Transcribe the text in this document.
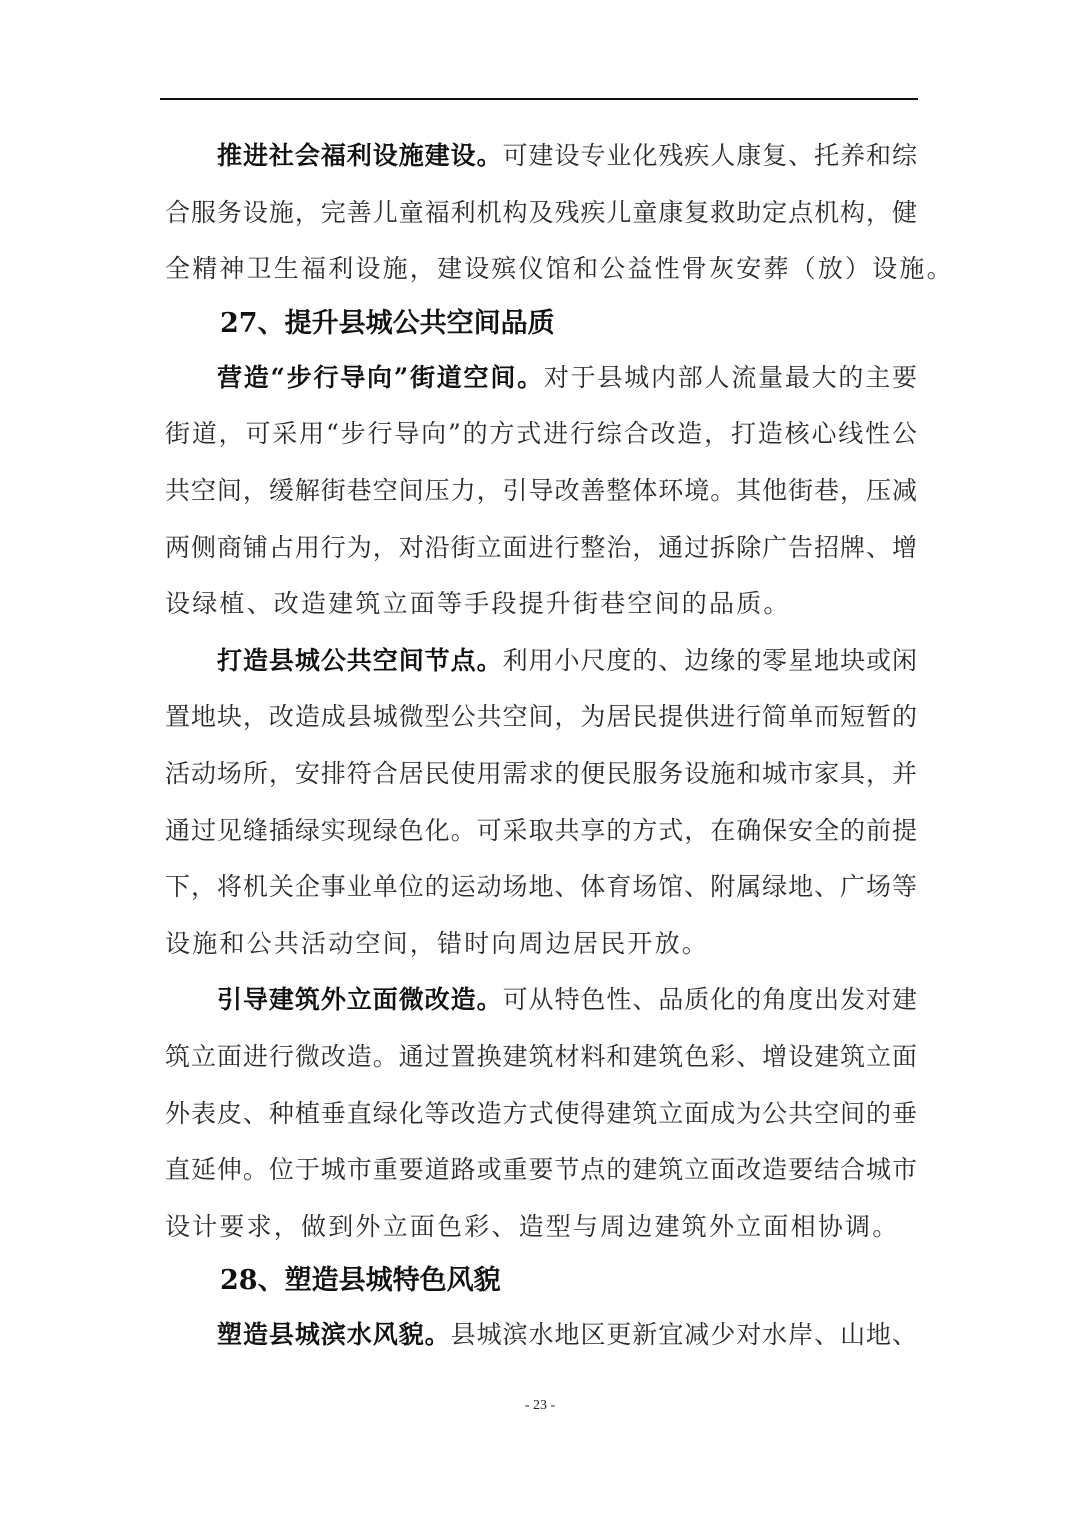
推进社会福利设施建设。可建设专业化残疾人康复、托养和综
合服务设施，完善儿童福利机构及残疾儿童康复救助定点机构，健
全精神卫生福利设施，建设殡仪馆和公益性骨灰安葬（放）设施。
27、提升县城公共空间品质
营造“步行导向”街道空间。对于县城内部人流量最大的主要
街道，可采用“步行导向”的方式进行综合改造，打造核心线性公
共空间，缓解街巷空间压力，引导改善整体环境。其他街巷，压减
两侧商铺占用行为，对沿街立面进行整治，通过拆除广告招牌、增
设绿植、改造建筑立面等手段提升街巷空间的品质。
打造县城公共空间节点。利用小尺度的、边缘的零星地块或闲
置地块，改造成县城微型公共空间，为居民提供进行简单而短暂的
活动场所，安排符合居民使用需求的便民服务设施和城市家具，并
通过见缝插绿实现绿色化。可采取共享的方式，在确保安全的前提
下，将机关企事业单位的运动场地、体育场馆、附属绿地、广场等
设施和公共活动空间，错时向周边居民开放。
引导建筑外立面微改造。可从特色性、品质化的角度出发对建
筑立面进行微改造。通过置换建筑材料和建筑色彩、增设建筑立面
外表皮、种植垂直绿化等改造方式使得建筑立面成为公共空间的垂
直延伸。位于城市重要道路或重要节点的建筑立面改造要结合城市
设计要求，做到外立面色彩、造型与周边建筑外立面相协调。
28、塑造县城特色风貌
塑造县城滨水风貌。县城滨水地区更新宜减少对水岸、山地、
- 23 -
